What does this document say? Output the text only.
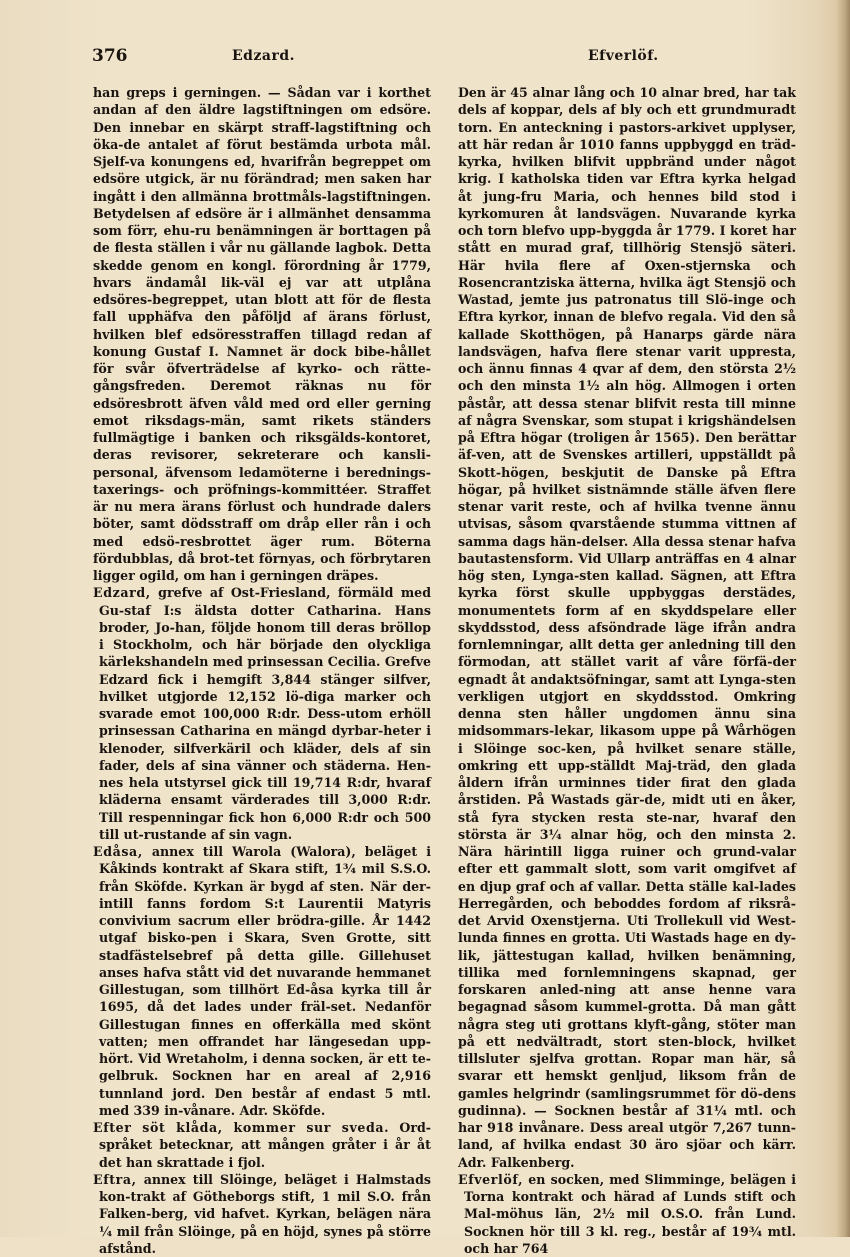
376	Edzard.	Efverlöf.

han greps i gerningen. — Sådan var i korthet andan af den äldre lagstiftningen om edsöre. Den innebar en skärpt straff-lagstiftning och öka-de antalet af förut bestämda urbota mål. Sjelf-va konungens ed, hvarifrån begreppet om edsöre utgick, är nu förändrad; men saken har ingått i den allmänna brottmåls-lagstiftningen. Betydelsen af edsöre är i allmänhet densamma som förr, ehu-ru benämningen är borttagen på de flesta ställen i vår nu gällande lagbok. Detta skedde genom en kongl. förordning år 1779, hvars ändamål lik-väl ej var att utplåna edsöres-begreppet, utan blott att för de flesta fall upphäfva den påföljd af ärans förlust, hvilken blef edsöresstraffen tillagd redan af konung Gustaf I. Namnet är dock bibe-hållet för svår öfverträdelse af kyrko- och rätte-gångsfreden. Deremot räknas nu för edsöresbrott äfven våld med ord eller gerning emot riksdags-män, samt rikets ständers fullmägtige i banken och riksgälds-kontoret, deras revisorer, sekreterare och kansli-personal, äfvensom ledamöterne i berednings-taxerings- och pröfnings-kommittéer. Straffet är nu mera ärans förlust och hundrade dalers böter, samt dödsstraff om dråp eller rån i och med edsö-resbrottet äger rum. Böterna fördubblas, då brot-tet förnyas, och förbrytaren ligger ogild, om han i gerningen dräpes.

Edzard, grefve af Ost-Friesland, förmäld med Gu-staf I:s äldsta dotter Catharina. Hans broder, Jo-han, följde honom till deras bröllop i Stockholm, och här började den olyckliga kärlekshandeln med prinsessan Cecilia. Grefve Edzard fick i hemgift 3,844 stänger silfver, hvilket utgjorde 12,152 lö-diga marker och svarade emot 100,000 R:dr. Dess-utom erhöll prinsessan Catharina en mängd dyrbar-heter i klenoder, silfverkäril och kläder, dels af sin fader, dels af sina vänner och städerna. Hen-nes hela utstyrsel gick till 19,714 R:dr, hvaraf kläderna ensamt värderades till 3,000 R:dr. Till respenningar fick hon 6,000 R:dr och 500 till ut-rustande af sin vagn.

Edåsa, annex till Warola (Walora), beläget i Kåkinds kontrakt af Skara stift, 1¾ mil S.S.O. från Sköfde. Kyrkan är bygd af sten. När der-intill fanns fordom S:t Laurentii Matyris convivium sacrum eller brödra-gille. År 1442 utgaf bisko-pen i Skara, Sven Grotte, sitt stadfästelsebref på detta gille. Gillehuset anses hafva stått vid det nuvarande hemmanet Gillestugan, som tillhört Ed-åsa kyrka till år 1695, då det lades under fräl-set. Nedanför Gillestugan finnes en offerkälla med skönt vatten; men offrandet har längesedan upp-hört. Vid Wretaholm, i denna socken, är ett te-gelbruk. Socknen har en areal af 2,916 tunnland jord. Den består af endast 5 mtl. med 339 in-vånare. Adr. Sköfde.

Efter söt klåda, kommer sur sveda. Ord-språket betecknar, att mången gråter i år åt det han skrattade i fjol.

Eftra, annex till Slöinge, beläget i Halmstads kon-trakt af Götheborgs stift, 1 mil S.O. från Falken-berg, vid hafvet. Kyrkan, belägen nära ¼ mil från Slöinge, på en höjd, synes på större afstånd.

Den är 45 alnar lång och 10 alnar bred, har tak dels af koppar, dels af bly och ett grundmuradt torn. En anteckning i pastors-arkivet upplyser, att här redan år 1010 fanns uppbyggd en träd-kyrka, hvilken blifvit uppbränd under något krig. I katholska tiden var Eftra kyrka helgad åt jung-fru Maria, och hennes bild stod i kyrkomuren åt landsvägen. Nuvarande kyrka och torn blefvo upp-byggda år 1779. I koret har stått en murad graf, tillhörig Stensjö säteri. Här hvila flere af Oxen-stjernska och Rosencrantziska ätterna, hvilka ägt Stensjö och Wastad, jemte jus patronatus till Slö-inge och Eftra kyrkor, innan de blefvo regala. Vid den så kallade Skotthögen, på Hanarps gärde nära landsvägen, hafva flere stenar varit uppresta, och ännu finnas 4 qvar af dem, den största 2½ och den minsta 1½ aln hög. Allmogen i orten påstår, att dessa stenar blifvit resta till minne af några Svenskar, som stupat i krigshändelsen på Eftra högar (troligen år 1565). Den berättar äf-ven, att de Svenskes artilleri, uppställdt på Skott-högen, beskjutit de Danske på Eftra högar, på hvilket sistnämnde ställe äfven flere stenar varit reste, och af hvilka tvenne ännu utvisas, såsom qvarstående stumma vittnen af samma dags hän-delser. Alla dessa stenar hafva bautastensform. Vid Ullarp anträffas en 4 alnar hög sten, Lynga-sten kallad. Sägnen, att Eftra kyrka först skulle uppbyggas derstädes, monumentets form af en skyddspelare eller skyddsstod, dess afsöndrade läge ifrån andra fornlemningar, allt detta ger anledning till den förmodan, att stället varit af våre förfä-der egnadt åt andaktsöfningar, samt att Lynga-sten verkligen utgjort en skyddsstod. Omkring denna sten håller ungdomen ännu sina midsommars-lekar, likasom uppe på Wårhögen i Slöinge soc-ken, på hvilket senare ställe, omkring ett upp-ställdt Maj-träd, den glada åldern ifrån urminnes tider firat den glada årstiden. På Wastads gär-de, midt uti en åker, stå fyra stycken resta ste-nar, hvaraf den största är 3¼ alnar hög, och den minsta 2. Nära härintill ligga ruiner och grund-valar efter ett gammalt slott, som varit omgifvet af en djup graf och af vallar. Detta ställe kal-lades Herregården, och beboddes fordom af riksrå-det Arvid Oxenstjerna. Uti Trollekull vid West-lunda finnes en grotta. Uti Wastads hage en dy-lik, jättestugan kallad, hvilken benämning, tillika med fornlemningens skapnad, ger forskaren anled-ning att anse henne vara begagnad såsom kummel-grotta. Då man gått några steg uti grottans klyft-gång, stöter man på ett nedvältradt, stort sten-block, hvilket tillsluter sjelfva grottan. Ropar man här, så svarar ett hemskt genljud, liksom från de gamles helgrindr (samlingsrummet för dö-dens gudinna). — Socknen består af 31¼ mtl. och har 918 invånare. Dess areal utgör 7,267 tunn-land, af hvilka endast 30 äro sjöar och kärr. Adr. Falkenberg.

Efverlöf, en socken, med Slimminge, belägen i Torna kontrakt och härad af Lunds stift och Mal-möhus län, 2½ mil O.S.O. från Lund. Socknen hör till 3 kl. reg., består af 19¾ mtl. och har 764
